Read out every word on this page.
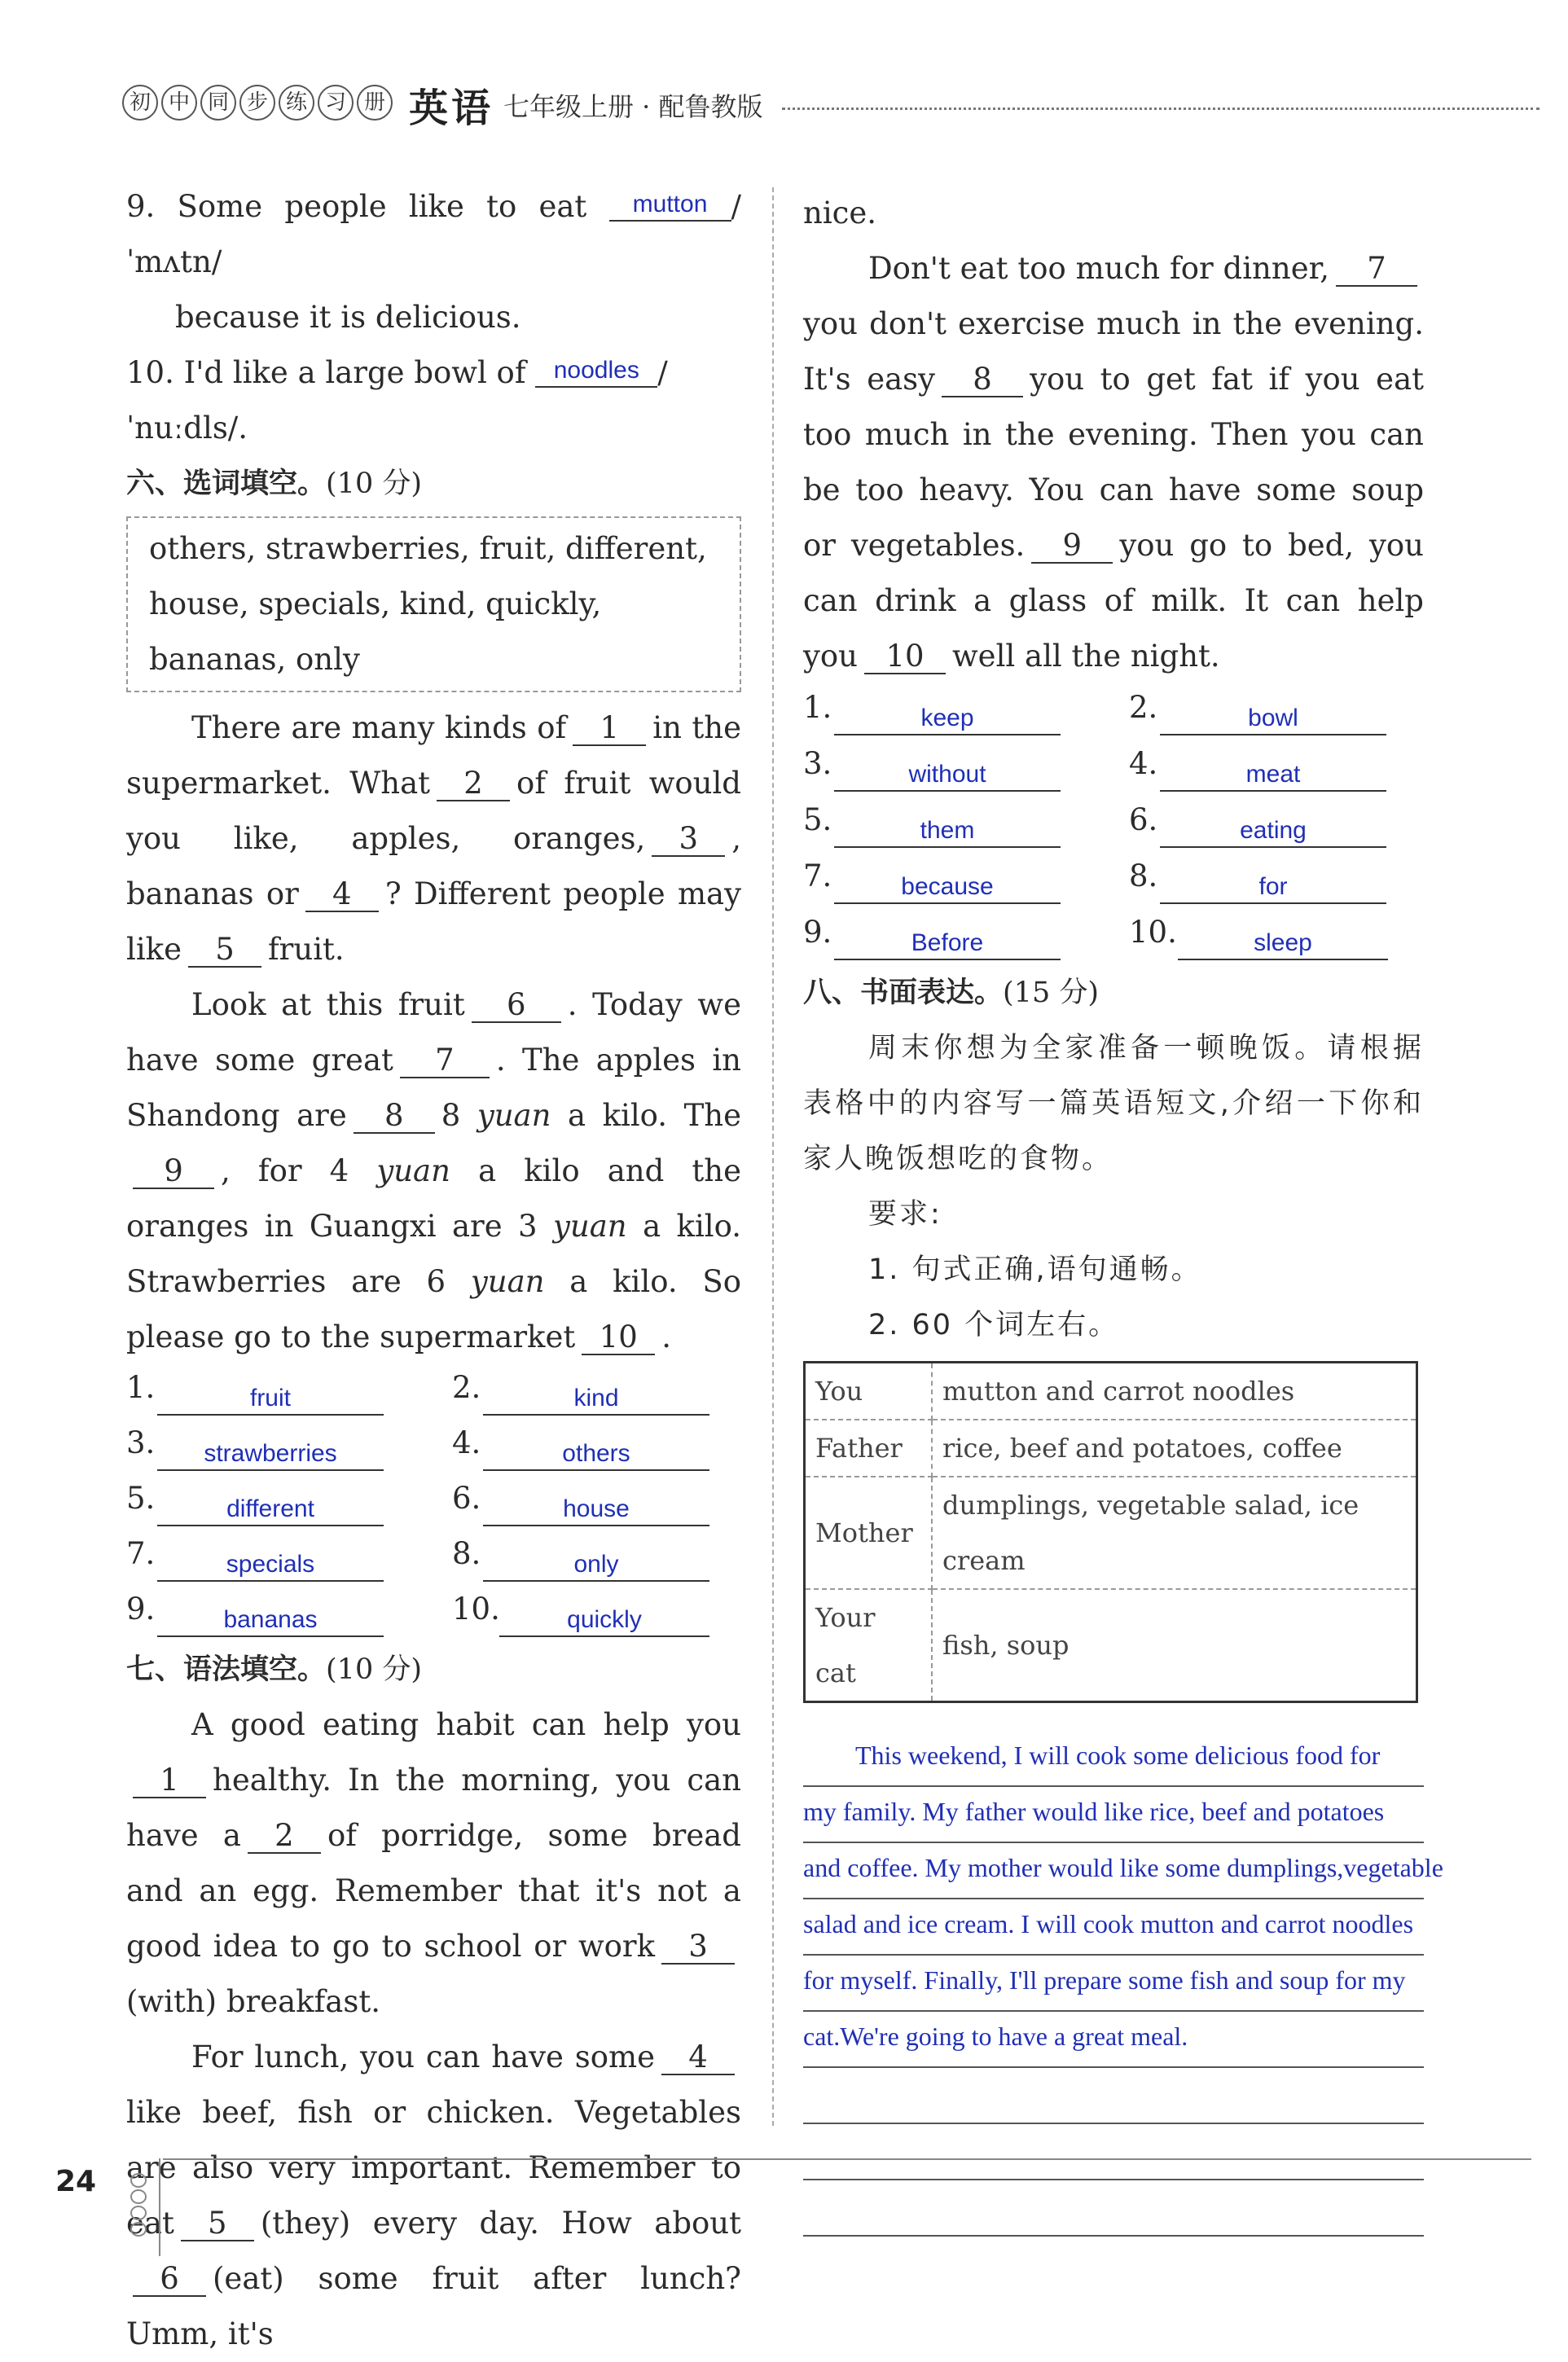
初 中 同 步 练 习 册 英语 七年级上册 · 配鲁教版

9. Some people like to eat mutton /ˈmʌtn/

because it is delicious.

10. I'd like a large bowl of noodles /ˈnuːdls/.

六、选词填空。(10 分)

others, strawberries, fruit, different,
house, specials, kind, quickly,
bananas, only

There are many kinds of 1 in the supermarket. What 2 of fruit would you like, apples, oranges, 3 , bananas or 4 ? Different people may like 5 fruit.

Look at this fruit 6 . Today we have some great 7 . The apples in Shandong are 8 8 yuan a kilo. The9 , for 4 yuan a kilo and the oranges in Guangxi are 3 yuan a kilo. Strawberries are 6 yuan a kilo. So please go to the supermarket 10 .

1.	fruit	2.	kind
3.	strawberries	4.	others
5.	different	6.	house
7.	specials	8.	only
9.	bananas	10.	quickly

七、语法填空。(10 分)

A good eating habit can help you1 healthy. In the morning, you can have a 2 of porridge, some bread and an egg. Remember that it's not a good idea to go to school or work 3(with) breakfast.

For lunch, you can have some 4like beef, fish or chicken. Vegetables are also very important. Remember to eat 5 (they) every day. How about6 (eat) some fruit after lunch? Umm, it's

nice.

Don't eat too much for dinner, 7you don't exercise much in the evening. It's easy 8 you to get fat if you eat too much in the evening. Then you can be too heavy. You can have some soup or vegetables. 9 you go to bed, you can drink a glass of milk. It can help you 10 well all the night.

1.	keep	2.	bowl
3.	without	4.	meat
5.	them	6.	eating
7.	because	8.	for
9.	Before	10.	sleep

八、书面表达。(15 分)

周末你想为全家准备一顿晚饭。请根据表格中的内容写一篇英语短文,介绍一下你和家人晚饭想吃的食物。

要求:

1. 句式正确,语句通畅。

2. 60 个词左右。

You	mutton and carrot noodles
Father	rice, beef and potatoes, coffee
Mother	dumplings, vegetable salad, ice cream
Your cat	fish, soup
This weekend, I will cook some delicious food for
my family. My father would like rice, beef and potatoes
and coffee. My mother would like some dumplings,vegetable
salad and ice cream. I will cook mutton and carrot noodles
for myself. Finally, I'll prepare some fish and soup for my
cat.We're going to have a great meal.
24
